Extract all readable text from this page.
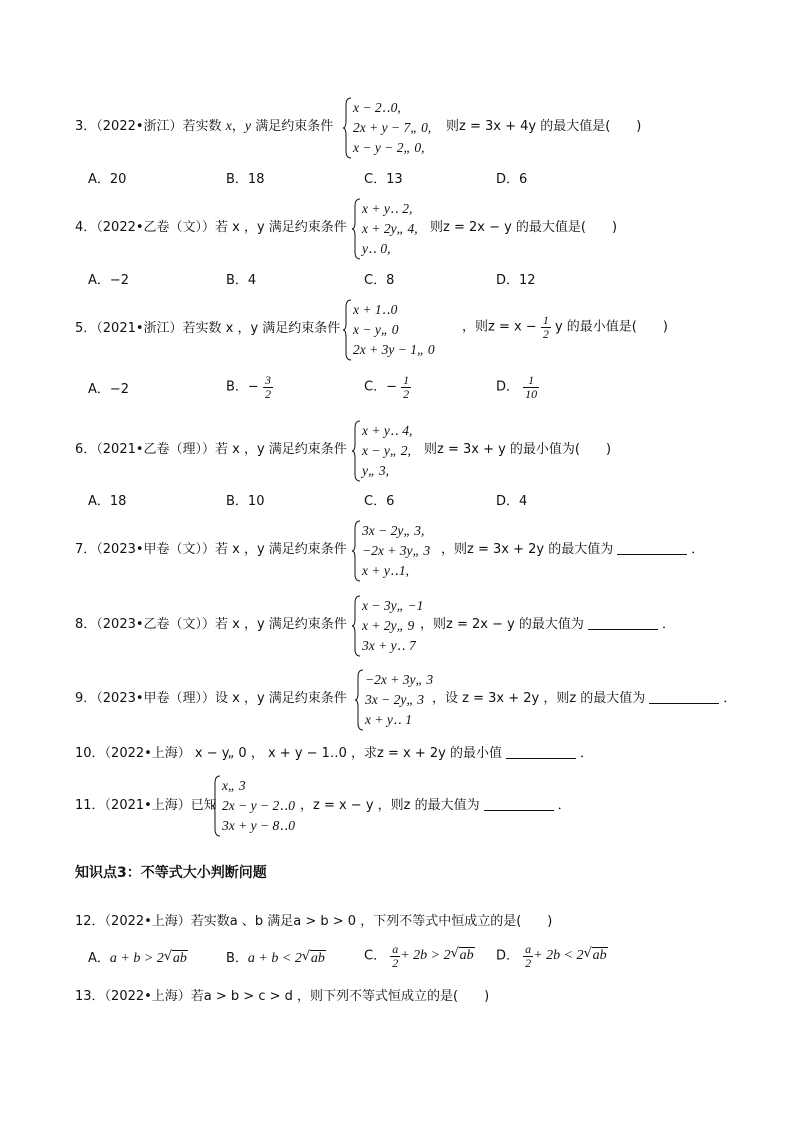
3．（2022•浙江）若实数 x，y 满足约束条件
x − 2‥0,
2x + y − 7„ 0,
x − y − 2„ 0,
则z = 3x + 4y 的最大值是(　　)
A．20	B．18	C．13	D．6
4．（2022•乙卷（文））若 x ，y 满足约束条件
x + y‥ 2,
x + 2y„ 4,
y‥ 0,
则z = 2x − y 的最大值是(　　)
A．−2	B．4	C．8	D．12
5．（2021•浙江）若实数 x ，y 满足约束条件
x + 1‥0
x − y„ 0
2x + 3y − 1„ 0
，则$z = x - \frac{1}{2}$ y 的最小值是(　　)
A．−2	B．− $\frac{3}{2}$	C．− $\frac{1}{2}$	D． $\frac{1}{10}$
6．（2021•乙卷（理））若 x ，y 满足约束条件
x + y‥ 4,
x − y„ 2,
y„ 3,
则z = 3x + y 的最小值为(　　)
A．18	B．10	C．6	D．4
7．（2023•甲卷（文））若 x ，y 满足约束条件
3x − 2y„ 3,
−2x + 3y„ 3
x + y‥1,
，则z = 3x + 2y 的最大值为	．
8．（2023•乙卷（文））若 x ，y 满足约束条件
x − 3y„ −1
x + 2y„ 9
3x + y‥ 7
，则z = 2x − y 的最大值为	．
9．（2023•甲卷（理））设 x ，y 满足约束条件
−2x + 3y„ 3
3x − 2y„ 3
x + y‥ 1
，设 z = 3x + 2y ，则z 的最大值为	．
10．（2022•上海） x − y„ 0 ， x + y − 1‥0 ，求z = x + 2y 的最小值	．
11．（2021•上海）已知
x„ 3
2x − y − 2‥0
3x + y − 8‥0
，z = x − y ，则z 的最大值为	．
知识点3：不等式大小判断问题
12．（2022•上海）若实数a 、b 满足a > b > 0 ，下列不等式中恒成立的是(　　)
A．a + b > 2√ ab	B．a + b < 2√ ab	C． $\frac{a}{2} + 2b > 2√$ ab D． $\frac{a}{2} + 2b < 2√$ ab
13．（2022•上海）若a > b > c > d ，则下列不等式恒成立的是(　　)
